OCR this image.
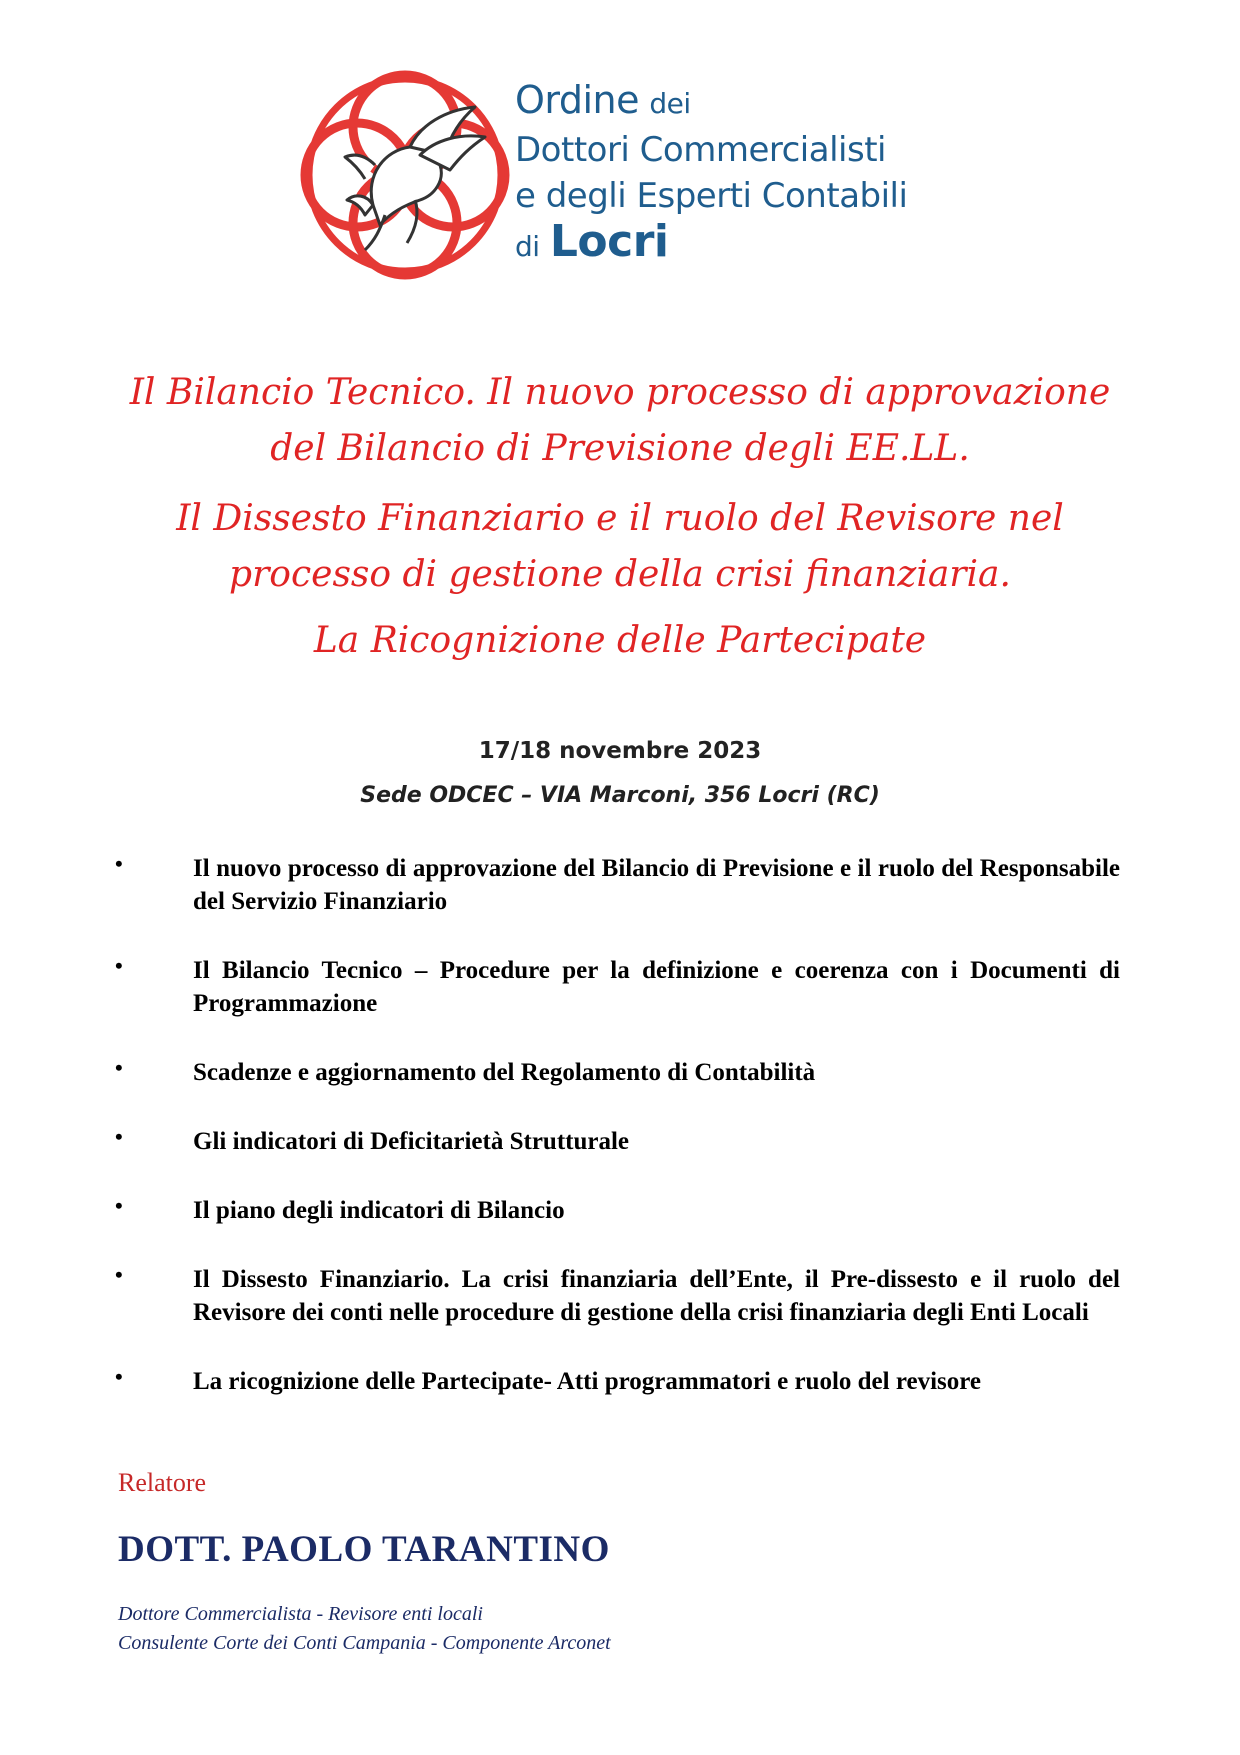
Ordine dei
Dottori Commercialisti
e degli Esperti Contabili
di Locri
Il Bilancio Tecnico. Il nuovo processo di approvazione
del Bilancio di Previsione degli EE.LL.
Il Dissesto Finanziario e il ruolo del Revisore nel
processo di gestione della crisi finanziaria.
La Ricognizione delle Partecipate
17/18 novembre 2023
Sede ODCEC – VIA Marconi, 356 Locri (RC)
•	Il nuovo processo di approvazione del Bilancio di Previsione e il ruolo del Responsabile del Servizio Finanziario
•	Il Bilancio Tecnico – Procedure per la definizione e coerenza con i Documenti di Programmazione
•	Scadenze e aggiornamento del Regolamento di Contabilità
•	Gli indicatori di Deficitarietà Strutturale
•	Il piano degli indicatori di Bilancio
•	Il Dissesto Finanziario. La crisi finanziaria dell’Ente, il Pre-dissesto e il ruolo del Revisore dei conti nelle procedure di gestione della crisi finanziaria degli Enti Locali
•	La ricognizione delle Partecipate- Atti programmatori e ruolo del revisore
Relatore
DOTT. PAOLO TARANTINO
Dottore Commercialista - Revisore enti locali
Consulente Corte dei Conti Campania - Componente Arconet
